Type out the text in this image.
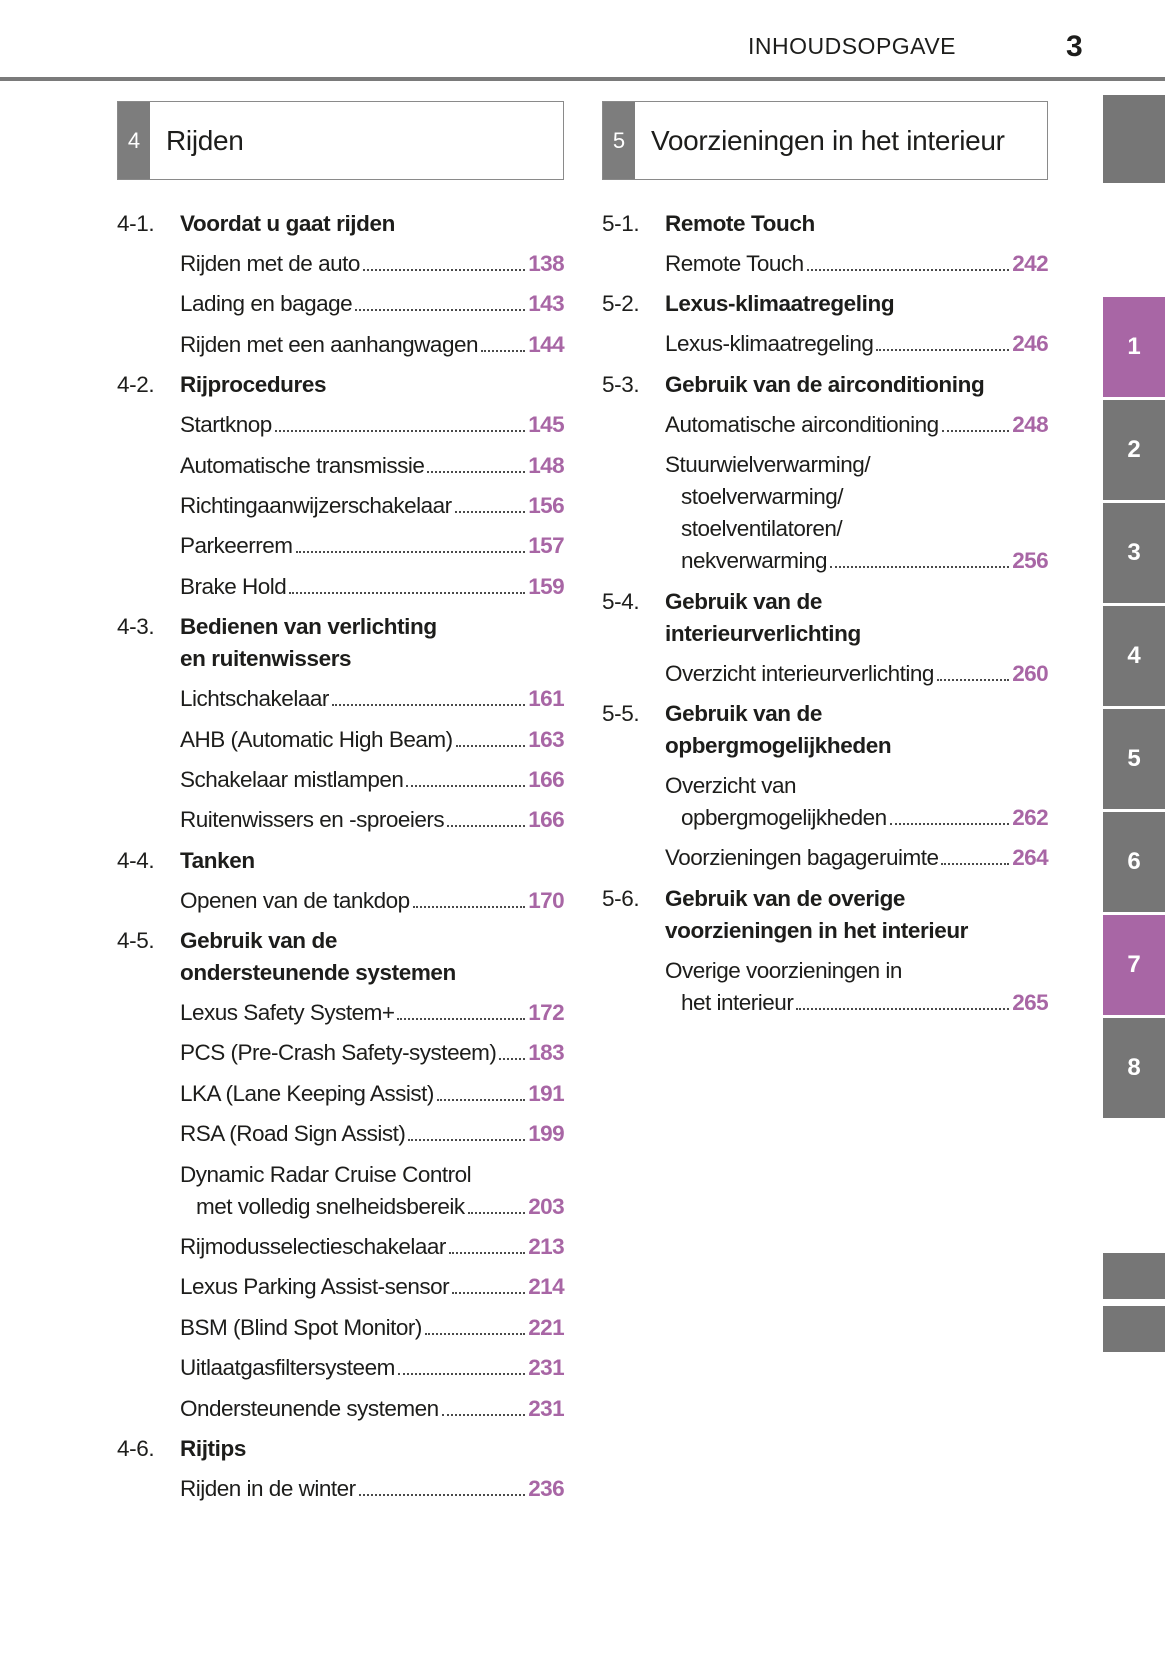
INHOUDSOPGAVE	3
4 Rijden
4-1.	Voordat u gaat rijden
Rijden met de auto	138
Lading en bagage	143
Rijden met een aanhangwagen 144
4-2.	Rijprocedures
Startknop	145
Automatische transmissie	148
Richtingaanwijzerschakelaar	156
Parkeerrem	157
Brake Hold	159
4-3.	Bedienen van verlichting
en ruitenwissers
Lichtschakelaar	161
AHB (Automatic High Beam)	163
Schakelaar mistlampen	166
Ruitenwissers en -sproeiers	166
4-4.	Tanken
Openen van de tankdop	170
4-5.	Gebruik van de
ondersteunende systemen
Lexus Safety System+	172
PCS (Pre-Crash Safety-systeem) 183
LKA (Lane Keeping Assist)	191
RSA (Road Sign Assist)	199
Dynamic Radar Cruise Control
met volledig snelheidsbereik	203
Rijmodusselectieschakelaar	213
Lexus Parking Assist-sensor	214
BSM (Blind Spot Monitor)	221
Uitlaatgasfiltersysteem	231
Ondersteunende systemen	231
4-6.	Rijtips
Rijden in de winter	236
5 Voorzieningen in het interieur
5-1.	Remote Touch
Remote Touch	242
5-2.	Lexus-klimaatregeling
Lexus-klimaatregeling	246
5-3.	Gebruik van de airconditioning
Automatische airconditioning	248
Stuurwielverwarming/
stoelverwarming/
stoelventilatoren/
nekverwarming	256
5-4.	Gebruik van de
interieurverlichting
Overzicht interieurverlichting	260
5-5.	Gebruik van de
opbergmogelijkheden
Overzicht van
opbergmogelijkheden	262
Voorzieningen bagageruimte	264
5-6.	Gebruik van de overige
voorzieningen in het interieur
Overige voorzieningen in
het interieur	265
1
2
3
4
5
6
7
8
